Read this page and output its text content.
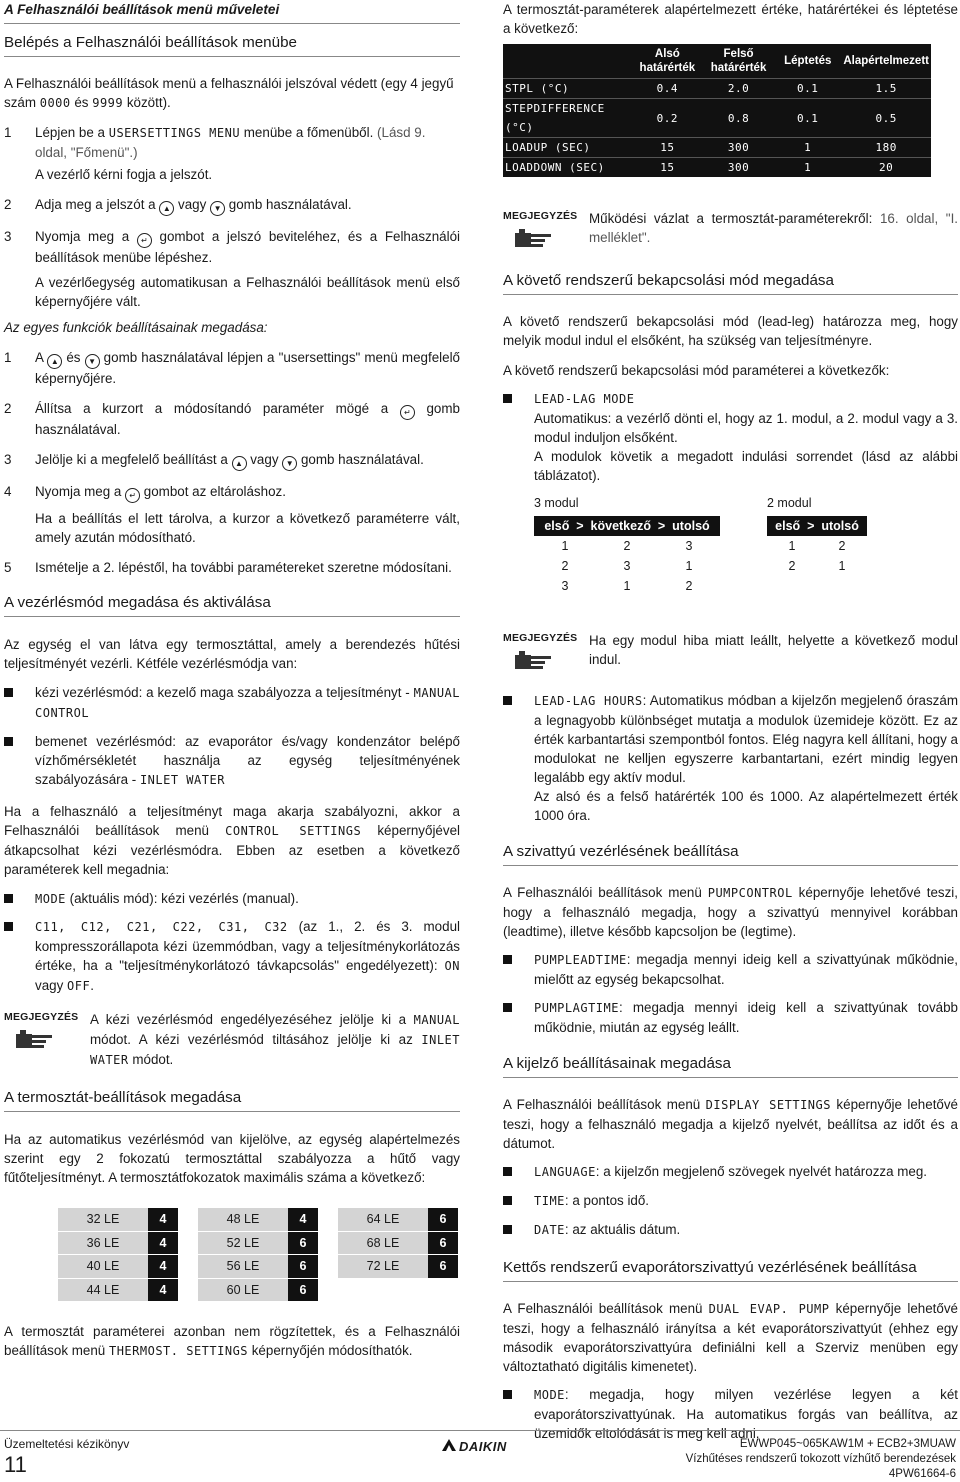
A Felhasználói beállítások menü műveletei

Belépés a Felhasználói beállítások menübe

A Felhasználói beállítások menü a felhasználói jelszóval védett (egy 4 jegyű szám 0000 és 9999 között).

1 Lépjen be a USERSETTINGS MENU menübe a főmenüből. (Lásd 9. oldal, "Főmenü".)
A vezérlő kérni fogja a jelszót.
2 Adja meg a jelszót a ▲ vagy ▼ gomb használatával.
3 Nyomja meg a ↵ gombot a jelszó beviteléhez, és a Felhasználói beállítások menübe lépéshez.
A vezérlőegység automatikusan a Felhasználói beállítások menü első képernyőjére vált.

Az egyes funkciók beállításainak megadása:

1 A ▲ és ▼ gomb használatával lépjen a "usersettings" menü megfelelő képernyőjére.
2 Állítsa a kurzort a módosítandó paraméter mögé a ↵ gomb használatával.
3 Jelölje ki a megfelelő beállítást a ▲ vagy ▼ gomb használatával.
4 Nyomja meg a ↵ gombot az eltároláshoz.
Ha a beállítás el lett tárolva, a kurzor a következő paraméterre vált, amely azután módosítható.
5 Ismételje a 2. lépéstől, ha további paramétereket szeretne módosítani.

A vezérlésmód megadása és aktiválása

Az egység el van látva egy termosztáttal, amely a berendezés hűtési teljesítményét vezérli. Kétféle vezérlésmódja van:

kézi vezérlésmód: a kezelő maga szabályozza a teljesítményt - MANUAL CONTROL
bemenet vezérlésmód: az evaporátor és/vagy kondenzátor belépő vízhőmérsékletét használja az egység teljesítményének szabályozására - INLET WATER

Ha a felhasználó a teljesítményt maga akarja szabályozni, akkor a Felhasználói beállítások menü CONTROL SETTINGS képernyőjével átkapcsolhat kézi vezérlésmódra. Ebben az esetben a következő paraméterek kell megadnia:

MODE (aktuális mód): kézi vezérlés (manual).
C11, C12, C21, C22, C31, C32 (az 1., 2. és 3. modul kompresszorállapota kézi üzemmódban, vagy a teljesítménykorlátozás értéke, ha a "teljesítménykorlátozó távkapcsolás" engedélyezett): ON vagy OFF.
MEGJEGYZÉS A kézi vezérlésmód engedélyezéséhez jelölje ki a MANUAL módot. A kézi vezérlésmód tiltásához jelölje ki az INLET WATER módot.

A termosztát-beállítások megadása

Ha az automatikus vezérlésmód van kijelölve, az egység alapértelmezés szerint egy 2 fokozatú termosztáttal szabályozza a hűtő vagy fűtőteljesítményt. A termosztátfokozatok maximális száma a következő:

32 LE	4	48 LE	4	64 LE	6
36 LE	4	52 LE	6	68 LE	6
40 LE	4	56 LE	6	72 LE	6
44 LE	4	60 LE	6

A termosztát paraméterei azonban nem rögzítettek, és a Felhasználói beállítások menü THERMOST. SETTINGS képernyőjén módosíthatók.

A termosztát-paraméterek alapértelmezett értéke, határértékei és léptetése a következő:

	Alsó határérték	Felső határérték	Léptetés	Alapértelmezett
STPL (°C)	0.4	2.0	0.1	1.5
STEPDIFFERENCE (°C)	0.2	0.8	0.1	0.5
LOADUP (SEC)	15	300	1	180
LOADDOWN (SEC)	15	300	1	20
MEGJEGYZÉS Működési vázlat a termosztát-paraméterekről: 16. oldal, "I. melléklet".

A követő rendszerű bekapcsolási mód megadása

A követő rendszerű bekapcsolási mód (lead-leg) határozza meg, hogy melyik modul indul el elsőként, ha szükség van teljesítményre.

A követő rendszerű bekapcsolási mód paraméterei a következők:

LEAD-LAG MODE
Automatikus: a vezérlő dönti el, hogy az 1. modul, a 2. modul vagy a 3. modul induljon elsőként.
A modulok követik a megadott indulási sorrendet (lásd az alábbi táblázatot).
3 modul
első  >  következő  >  utolsó		
1	2	3
2	3	1
3	1	2
2 modul
első  >  utolsó	
1	2
2	1
MEGJEGYZÉS Ha egy modul hiba miatt leállt, helyette a következő modul indul.
LEAD-LAG HOURS: Automatikus módban a kijelzőn megjelenő óraszám a legnagyobb különbséget mutatja a modulok üzemideje között. Ez az érték karbantartási szempontból fontos. Elég nagyra kell állítani, hogy a modulokat ne kelljen egyszerre karbantartani, ezért mindig legyen legalább egy aktív modul.
Az alsó és a felső határérték 100 és 1000. Az alapértelmezett érték 1000 óra.

A szivattyú vezérlésének beállítása

A Felhasználói beállítások menü PUMPCONTROL képernyője lehetővé teszi, hogy a felhasználó megadja, hogy a szivattyú mennyivel korábban (leadtime), illetve később kapcsoljon be (legtime).

PUMPLEADTIME: megadja mennyi ideig kell a szivattyúnak működnie, mielőtt az egység bekapcsolhat.
PUMPLAGTIME: megadja mennyi ideig kell a szivattyúnak tovább működnie, miután az egység leállt.

A kijelző beállításainak megadása

A Felhasználói beállítások menü DISPLAY SETTINGS képernyője lehetővé teszi, hogy a felhasználó megadja a kijelző nyelvét, beállítsa az időt és a dátumot.

LANGUAGE: a kijelzőn megjelenő szövegek nyelvét határozza meg.
TIME: a pontos idő.
DATE: az aktuális dátum.

Kettős rendszerű evaporátorszivattyú vezérlésének beállítása

A Felhasználói beállítások menü DUAL EVAP. PUMP képernyője lehetővé teszi, hogy a felhasználó irányítsa a két evaporátorszivattyút (ehhez egy második evaporátorszivattyúra definiálni kell a Szerviz menüben egy változtatható digitális kimenetet).

MODE: megadja, hogy milyen vezérlése legyen a két evaporátorszivattyúnak. Ha automatikus forgás van beállítva, az üzemidők eltolódását is meg kell adni.
Üzemeltetési kézikönyv
11
DAIKIN	EWWP045~065KAW1M + ECB2+3MUAW
Vízhűtéses rendszerű tokozott vízhűtő berendezések
4PW61664-6
